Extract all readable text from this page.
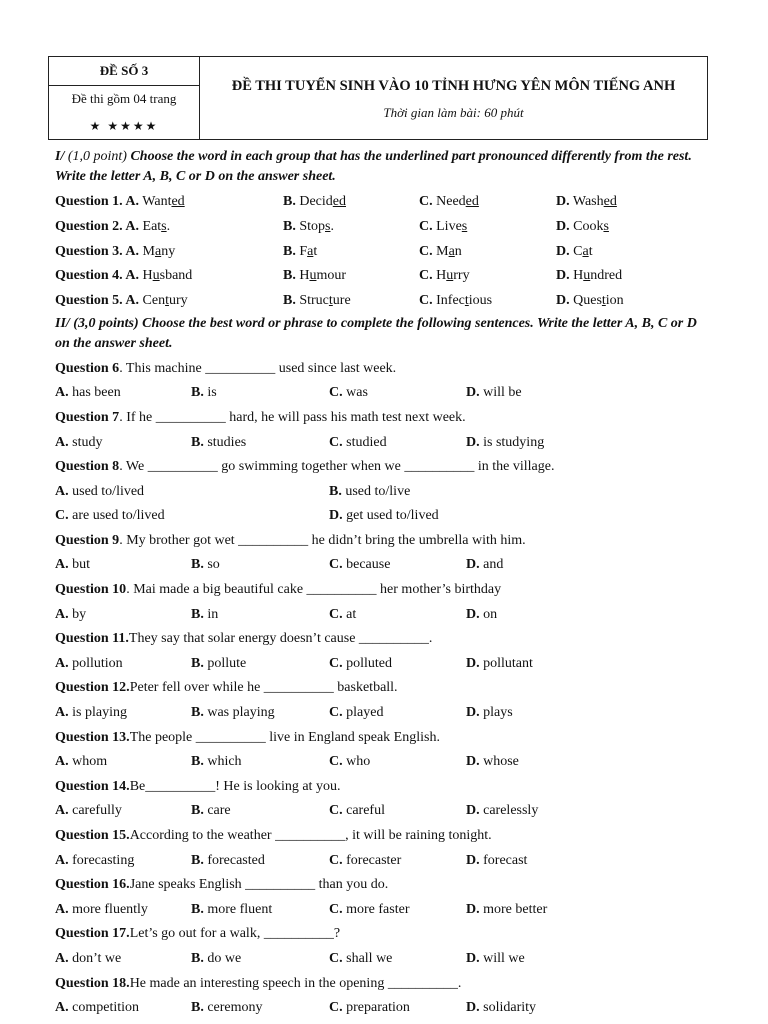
ĐỀ SỐ 3
Đề thi gồm 04 trang
★ ★★★★
ĐỀ THI TUYỂN SINH VÀO 10 TỈNH HƯNG YÊN MÔN TIẾNG ANH
Thời gian làm bài: 60 phút

I/ (1,0 point) Choose the word in each group that has the underlined part pronounced differently from the rest. Write the letter A, B, C or D on the answer sheet.

Question 1. A. Wanted	B. Decided	C. Needed	D. Washed
Question 2. A. Eats.	B. Stops.	C. Lives	D. Cooks
Question 3. A. Many	B. Fat	C. Man	D. Cat
Question 4. A. Husband	B. Humour	C. Hurry	D. Hundred
Question 5. A. Century	B. Structure	C. Infectious	D. Question

II/ (3,0 points) Choose the best word or phrase to complete the following sentences. Write the letter A, B, C or D on the answer sheet.

Question 6 . This machine __________ used since last week.
A. has been	B. is	C. was	D. will be
Question 7 . If he __________ hard, he will pass his math test next week.
A. study	B. studies	C. studied	D. is studying
Question 8 . We __________ go swimming together when we __________ in the village.
A. used to/lived	B. used to/live
C. are used to/lived	D. get used to/lived
Question 9 . My brother got wet __________ he didn’t bring the umbrella with him.
A. but	B. so	C. because	D. and
Question 10 . Mai made a big beautiful cake __________ her mother’s birthday
A. by	B. in	C. at	D. on
Question 11. They say that solar energy doesn’t cause __________.
A. pollution	B. pollute	C. polluted	D. pollutant
Question 12. Peter fell over while he __________ basketball.
A. is playing	B. was playing	C. played	D. plays
Question 13. The people __________ live in England speak English.
A. whom	B. which	C. who	D. whose
Question 14. Be__________! He is looking at you.
A. carefully	B. care	C. careful	D. carelessly
Question 15. According to the weather __________, it will be raining tonight.
A. forecasting	B. forecasted	C. forecaster	D. forecast
Question 16. Jane speaks English __________ than you do.
A. more fluently	B. more fluent	C. more faster	D. more better
Question 17. Let’s go out for a walk, __________?
A. don’t we	B. do we	C. shall we	D. will we
Question 18. He made an interesting speech in the opening __________.
A. competition	B. ceremony	C. preparation	D. solidarity
